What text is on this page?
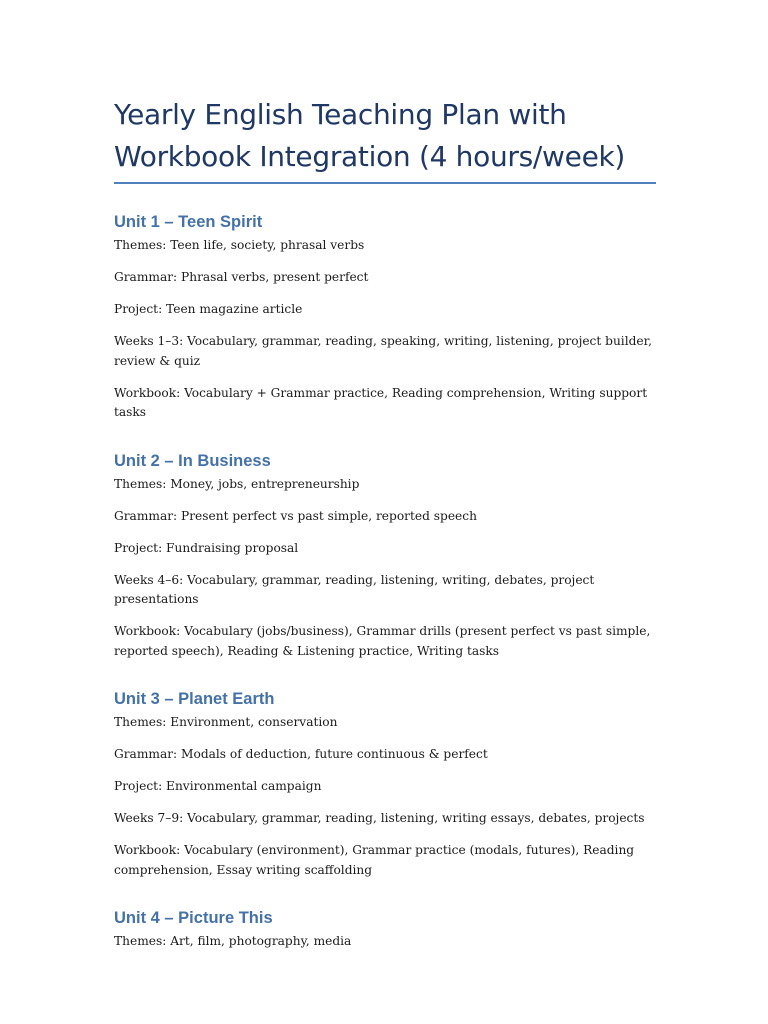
Yearly English Teaching Plan with Workbook Integration (4 hours/week)
Unit 1 – Teen Spirit

Themes: Teen life, society, phrasal verbs

Grammar: Phrasal verbs, present perfect

Project: Teen magazine article

Weeks 1–3: Vocabulary, grammar, reading, speaking, writing, listening, project builder, review & quiz

Workbook: Vocabulary + Grammar practice, Reading comprehension, Writing support tasks

Unit 2 – In Business

Themes: Money, jobs, entrepreneurship

Grammar: Present perfect vs past simple, reported speech

Project: Fundraising proposal

Weeks 4–6: Vocabulary, grammar, reading, listening, writing, debates, project presentations

Workbook: Vocabulary (jobs/business), Grammar drills (present perfect vs past simple, reported speech), Reading & Listening practice, Writing tasks

Unit 3 – Planet Earth

Themes: Environment, conservation

Grammar: Modals of deduction, future continuous & perfect

Project: Environmental campaign

Weeks 7–9: Vocabulary, grammar, reading, listening, writing essays, debates, projects

Workbook: Vocabulary (environment), Grammar practice (modals, futures), Reading comprehension, Essay writing scaffolding

Unit 4 – Picture This

Themes: Art, film, photography, media
